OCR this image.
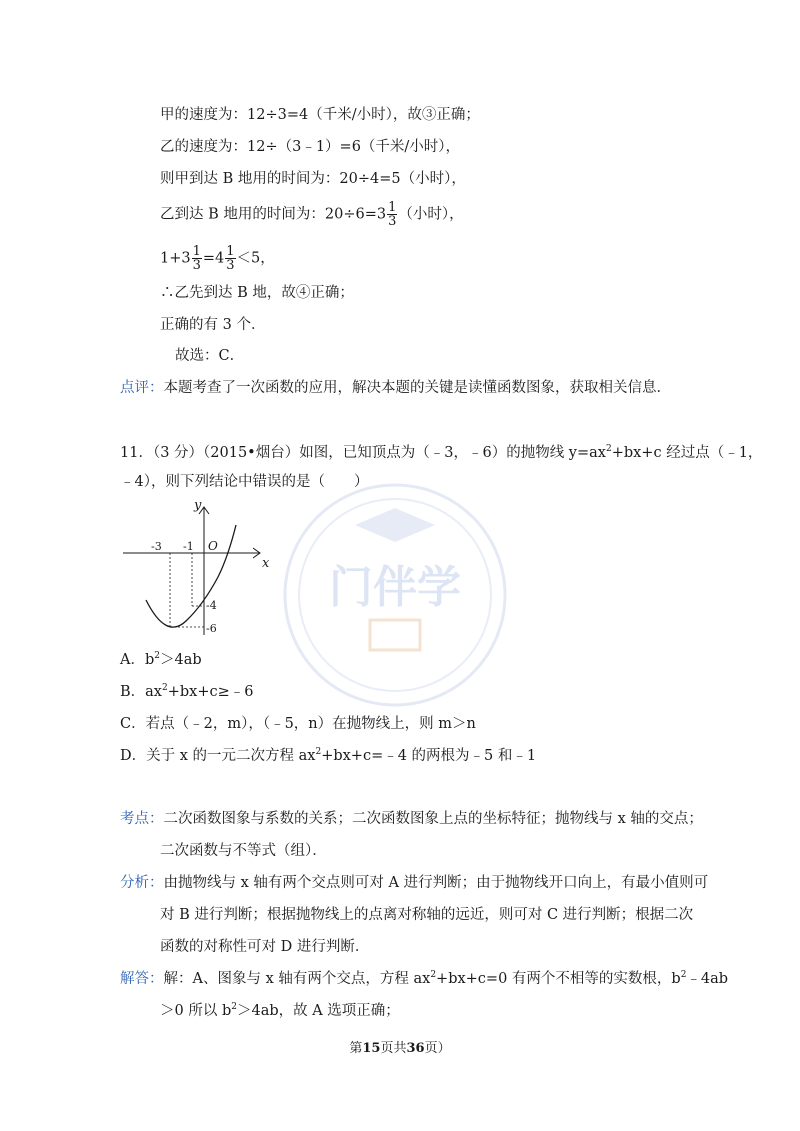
门伴学
甲的速度为：12÷3=4（千米/小时），故③正确；
乙的速度为：12÷（3﹣1）=6（千米/小时），
则甲到达 B 地用的时间为：20÷4=5（小时），
乙到达 B 地用的时间为：$20\div 6=3 \frac{1}{3}$ （小时），
$1+3 \frac{1}{3} =4 \frac{1}{3} <5$，
∴乙先到达 B 地，故④正确；
正确的有 3 个．
故选：C．
点评：本题考查了一次函数的应用，解决本题的关键是读懂函数图象，获取相关信息．
11．（3 分）（2015•烟台）如图，已知顶点为（﹣3，﹣6）的抛物线 $y=ax^2+bx+c$ 经过点（﹣1，
﹣4），则下列结论中错误的是（　　）
x
y
O
-3 -1
-4
-6
A．$b^2>4ab$
B．$ax^2+bx+c\ge﹣6$
C．若点（﹣2，m），（﹣5，n）在抛物线上，则 m＞n
D．关于 x 的一元二次方程 $ax^2+bx+c=﹣4$ 的两根为﹣5 和﹣1
考点：二次函数图象与系数的关系；二次函数图象上点的坐标特征；抛物线与 x 轴的交点；
二次函数与不等式（组）．
分析：由抛物线与 x 轴有两个交点则可对 A 进行判断；由于抛物线开口向上，有最小值则可
对 B 进行判断；根据抛物线上的点离对称轴的远近，则可对 C 进行判断；根据二次
函数的对称性可对 D 进行判断．
解答：解：A、图象与 x 轴有两个交点，方程 $ax^2+bx+c=0$ 有两个不相等的实数根，$b^2﹣4ab$
＞0 所以 $b^2>4ab$，故 A 选项正确；
第15页共36页）
